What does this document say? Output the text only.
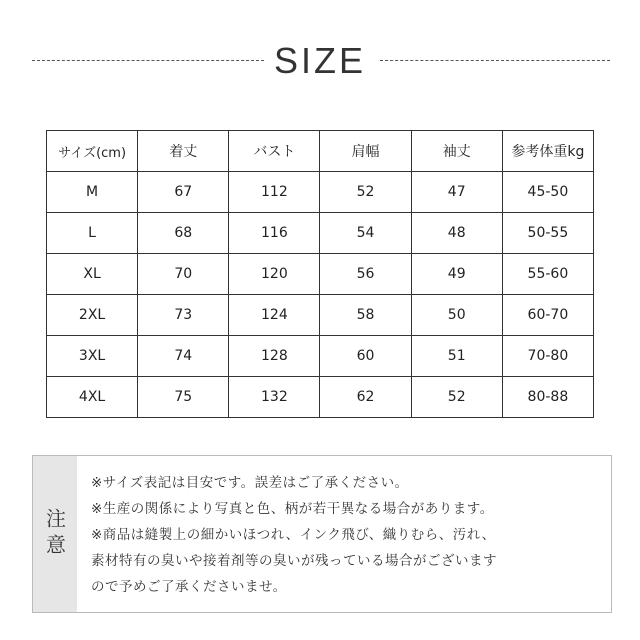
SIZE
サイズ(cm)	着丈	バスト	肩幅	袖丈	参考体重kg
M	67	112	52	47	45-50
L	68	116	54	48	50-55
XL	70	120	56	49	55-60
2XL	73	124	58	50	60-70
3XL	74	128	60	51	70-80
4XL	75	132	62	52	80-88
注意
※サイズ表記は目安です。誤差はご了承ください。
※生産の関係により写真と色、柄が若干異なる場合があります。
※商品は縫製上の細かいほつれ、インク飛び、織りむら、汚れ、
素材特有の臭いや接着剤等の臭いが残っている場合がございます
ので予めご了承くださいませ。
